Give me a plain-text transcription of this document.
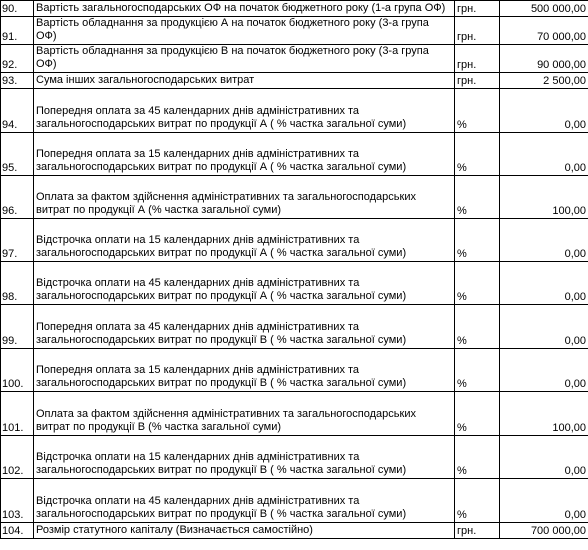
90.	Вартість загальногосподарських ОФ на початок бюджетного року (1-а група ОФ)	грн.	500 000,00
91.	Вартість обладнання за продукцією А на початок бюджетного року (3-а група
ОФ)	грн.	70 000,00
92.	Вартість обладнання за продукцією В на початок бюджетного року (3-а група
ОФ)	грн.	90 000,00
93.	Сума інших загальногосподарських витрат	грн.	2 500,00
94.	Попередня оплата за 45 календарних днів адміністративних та
загальногосподарських витрат по продукції А ( % частка загальної суми)	%	0,00
95.	Попередня оплата за 15 календарних днів адміністративних та
загальногосподарських витрат по продукції А ( % частка загальної суми)	%	0,00
96.	Оплата за фактом здійснення адміністративних та загальногосподарських
витрат по продукції А (% частка загальної суми)	%	100,00
97.	Відстрочка оплати на 15 календарних днів адміністративних та
загальногосподарських витрат по продукції А ( % частка загальної суми)	%	0,00
98.	Відстрочка оплати на 45 календарних днів адміністративних та
загальногосподарських витрат по продукції А ( % частка загальної суми)	%	0,00
99.	Попередня оплата за 45 календарних днів адміністративних та
загальногосподарських витрат по продукції В ( % частка загальної суми)	%	0,00
100.	Попередня оплата за 15 календарних днів адміністративних та
загальногосподарських витрат по продукції В ( % частка загальної суми)	%	0,00
101.	Оплата за фактом здійснення адміністративних та загальногосподарських
витрат по продукції В (% частка загальної суми)	%	100,00
102.	Відстрочка оплати на 15 календарних днів адміністративних та
загальногосподарських витрат по продукції В ( % частка загальної суми)	%	0,00
103.	Відстрочка оплати на 45 календарних днів адміністративних та
загальногосподарських витрат по продукції В ( % частка загальної суми)	%	0,00
104.	Розмір статутного капіталу (Визначається самостійно)	грн.	700 000,00
